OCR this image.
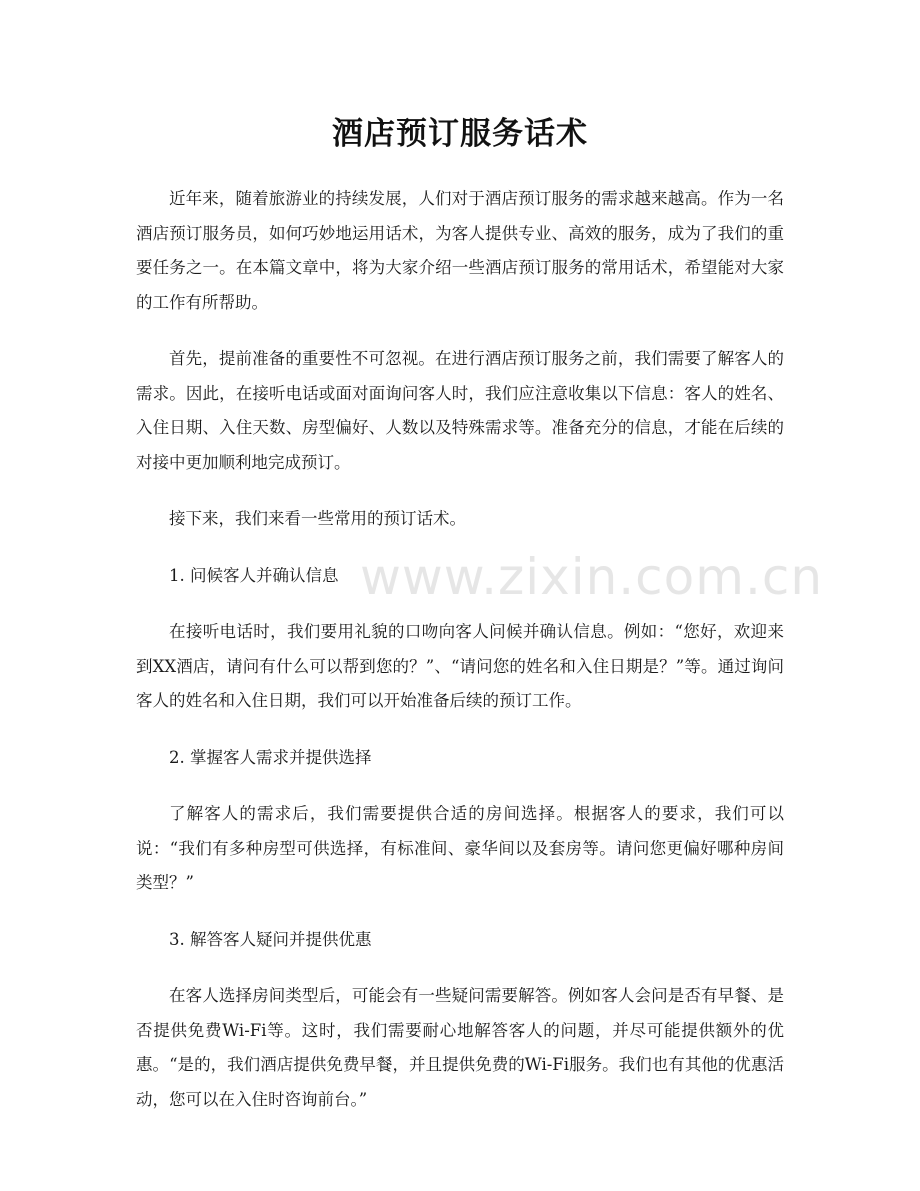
酒店预订服务话术

近年来，随着旅游业的持续发展，人们对于酒店预订服务的需求越来越高。作为一名酒店预订服务员，如何巧妙地运用话术，为客人提供专业、高效的服务，成为了我们的重要任务之一。在本篇文章中，将为大家介绍一些酒店预订服务的常用话术，希望能对大家的工作有所帮助。

首先，提前准备的重要性不可忽视。在进行酒店预订服务之前，我们需要了解客人的需求。因此，在接听电话或面对面询问客人时，我们应注意收集以下信息：客人的姓名、入住日期、入住天数、房型偏好、人数以及特殊需求等。准备充分的信息，才能在后续的对接中更加顺利地完成预订。

接下来，我们来看一些常用的预订话术。

1. 问候客人并确认信息

在接听电话时，我们要用礼貌的口吻向客人问候并确认信息。例如：“您好，欢迎来到XX酒店，请问有什么可以帮到您的？”、“请问您的姓名和入住日期是？”等。通过询问客人的姓名和入住日期，我们可以开始准备后续的预订工作。

2. 掌握客人需求并提供选择

了解客人的需求后，我们需要提供合适的房间选择。根据客人的要求，我们可以说：“我们有多种房型可供选择，有标准间、豪华间以及套房等。请问您更偏好哪种房间类型？”

3. 解答客人疑问并提供优惠

在客人选择房间类型后，可能会有一些疑问需要解答。例如客人会问是否有早餐、是否提供免费Wi-Fi等。这时，我们需要耐心地解答客人的问题，并尽可能提供额外的优惠。“是的，我们酒店提供免费早餐，并且提供免费的Wi-Fi服务。我们也有其他的优惠活动，您可以在入住时咨询前台。”

www.zixin.com.cn
